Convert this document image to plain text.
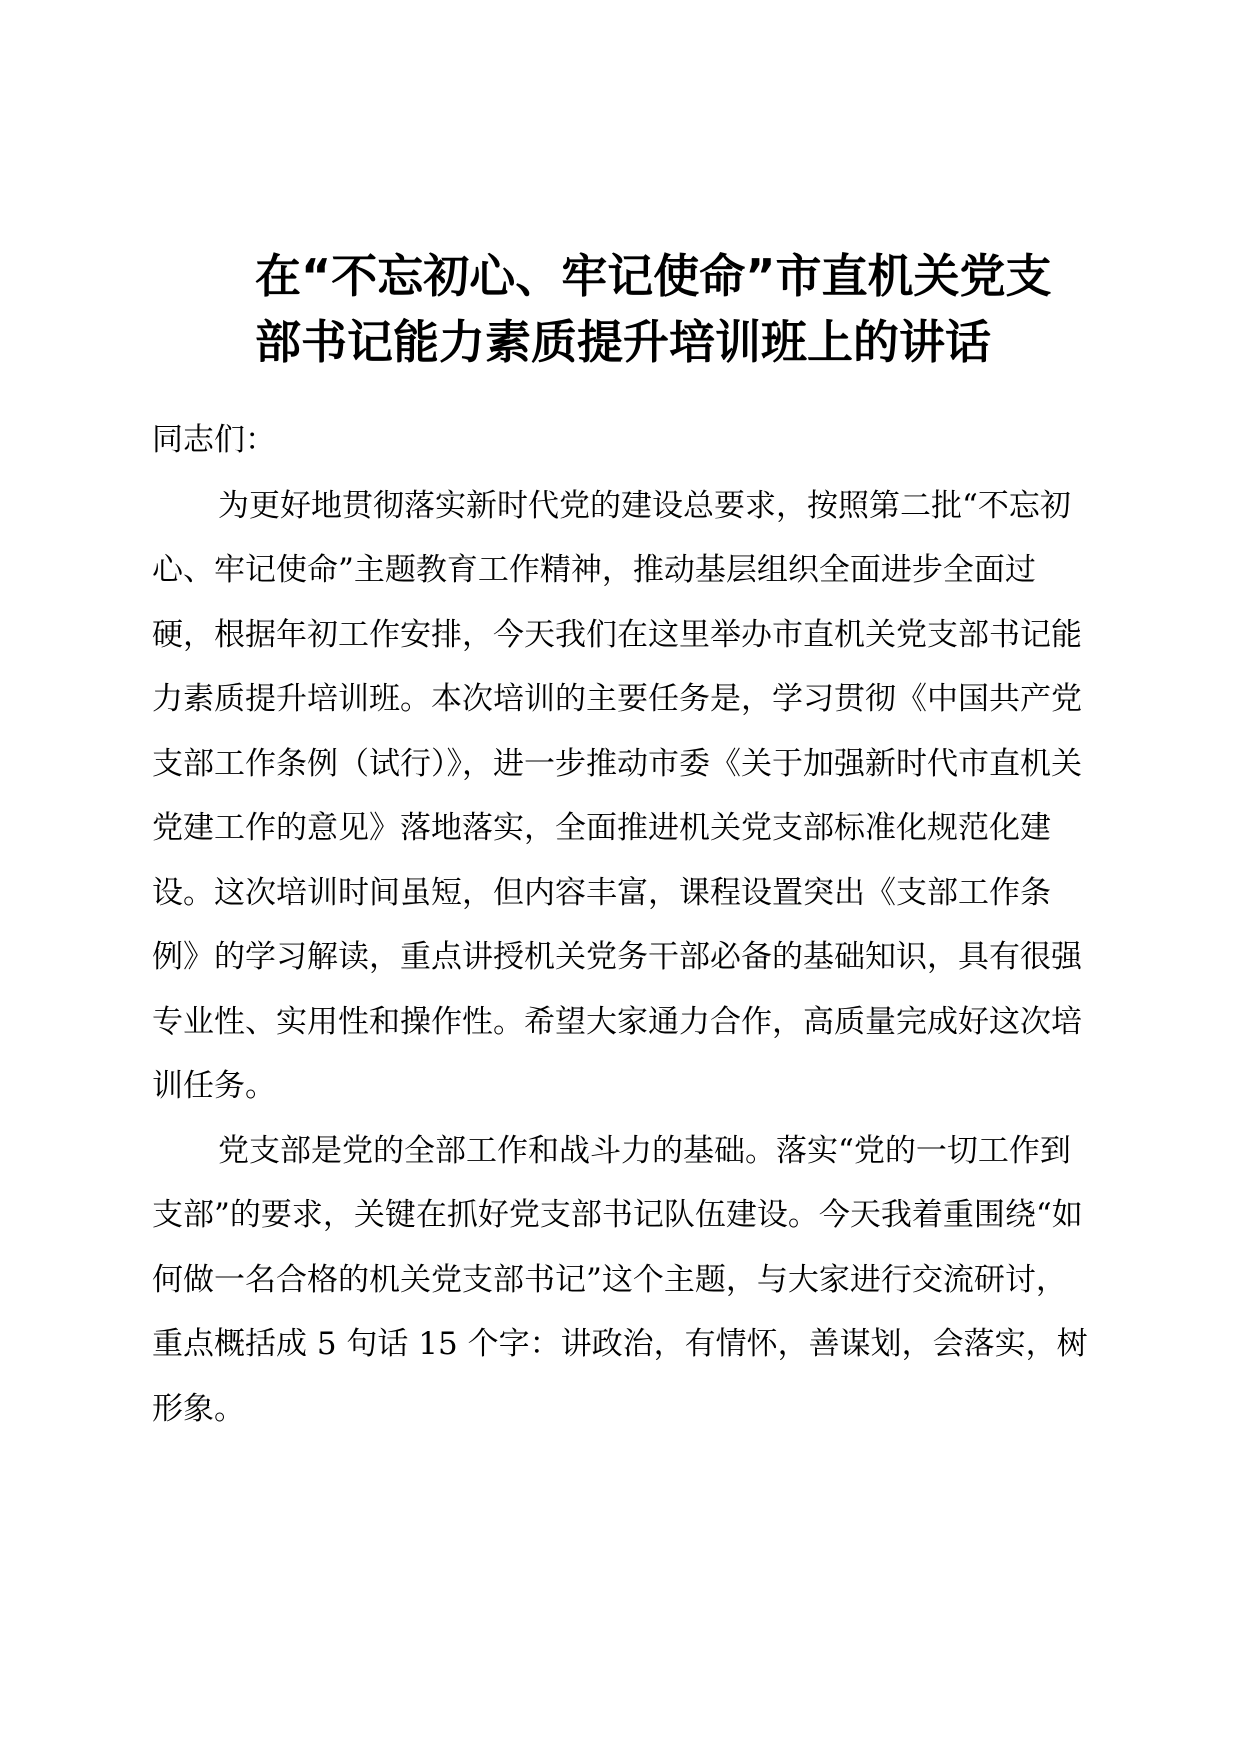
在“不忘初心、牢记使命”市直机关党支
部书记能力素质提升培训班上的讲话

同志们：

为更好地贯彻落实新时代党的建设总要求，按照第二批“不忘初心、牢记使命”主题教育工作精神，推动基层组织全面进步全面过硬，根据年初工作安排，今天我们在这里举办市直机关党支部书记能力素质提升培训班。本次培训的主要任务是，学习贯彻《中国共产党支部工作条例（试行）》，进一步推动市委《关于加强新时代市直机关党建工作的意见》落地落实，全面推进机关党支部标准化规范化建设。这次培训时间虽短，但内容丰富，课程设置突出《支部工作条例》的学习解读，重点讲授机关党务干部必备的基础知识，具有很强专业性、实用性和操作性。希望大家通力合作，高质量完成好这次培训任务。

党支部是党的全部工作和战斗力的基础。落实“党的一切工作到支部”的要求，关键在抓好党支部书记队伍建设。今天我着重围绕“如何做一名合格的机关党支部书记”这个主题，与大家进行交流研讨，重点概括成 5 句话 15 个字：讲政治，有情怀，善谋划，会落实，树形象。
